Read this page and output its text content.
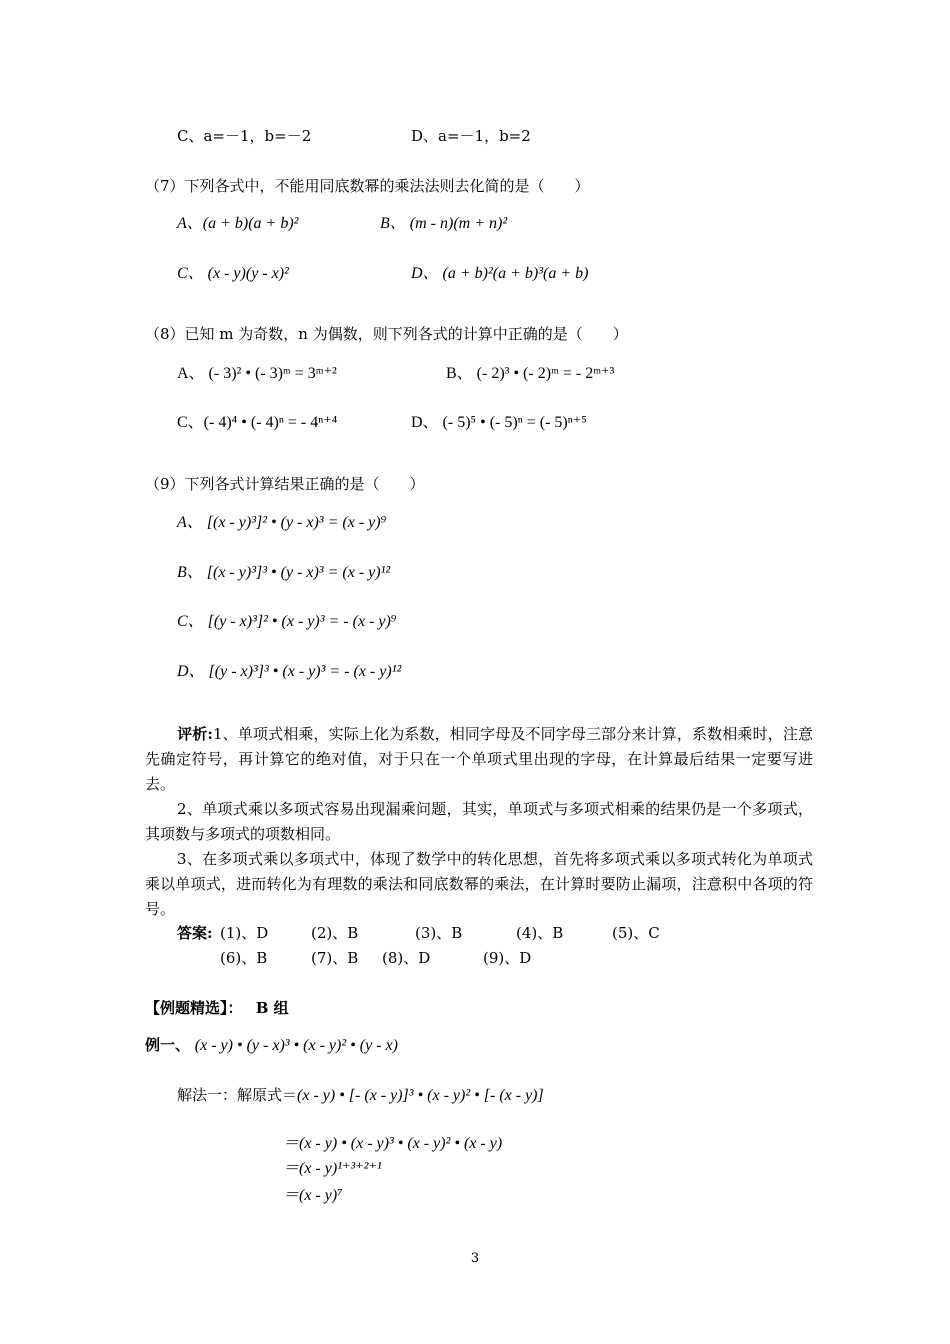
C、a=－1，b=－2	D、a=－1，b=2
（7）下列各式中，不能用同底数幂的乘法法则去化简的是（　　）
A、(a + b)(a + b)²	B、 (m - n)(m + n)²
C、 (x - y)(y - x)²	D、 (a + b)²(a + b)³(a + b)
（8）已知 m 为奇数，n 为偶数，则下列各式的计算中正确的是（　　）
A、 (- 3)² • (- 3)ᵐ = 3ᵐ⁺²	B、 (- 2)³ • (- 2)ᵐ = - 2ᵐ⁺³
C、(- 4)⁴ • (- 4)ⁿ = - 4ⁿ⁺⁴	D、 (- 5)⁵ • (- 5)ⁿ = (- 5)ⁿ⁺⁵
（9）下列各式计算结果正确的是（　　）
A、 [(x - y)³]² • (y - x)³ = (x - y)⁹
B、 [(x - y)³]³ • (y - x)³ = (x - y)¹²
C、 [(y - x)³]² • (x - y)³ = - (x - y)⁹
D、 [(y - x)³]³ • (x - y)³ = - (x - y)¹²
评析:1、单项式相乘，实际上化为系数，相同字母及不同字母三部分来计算，系数相乘时，注意先确定符号，再计算它的绝对值，对于只在一个单项式里出现的字母，在计算最后结果一定要写进去。
2、单项式乘以多项式容易出现漏乘问题，其实，单项式与多项式相乘的结果仍是一个多项式，其项数与多项式的项数相同。
3、在多项式乘以多项式中，体现了数学中的转化思想，首先将多项式乘以多项式转化为单项式乘以单项式，进而转化为有理数的乘法和同底数幂的乘法，在计算时要防止漏项，注意积中各项的符号。
答案: (1)、D	(2)、B	(3)、B	(4)、B	(5)、C
(6)、B	(7)、B (8)、D	(9)、D
【例题精选】： B 组
例一、 (x - y) • (y - x)³ • (x - y)² • (y - x)
解法一：解原式＝(x - y) • [- (x - y)]³ • (x - y)² • [- (x - y)]
＝(x - y) • (x - y)³ • (x - y)² • (x - y)
＝(x - y)¹⁺³⁺²⁺¹
＝(x - y)⁷
3
